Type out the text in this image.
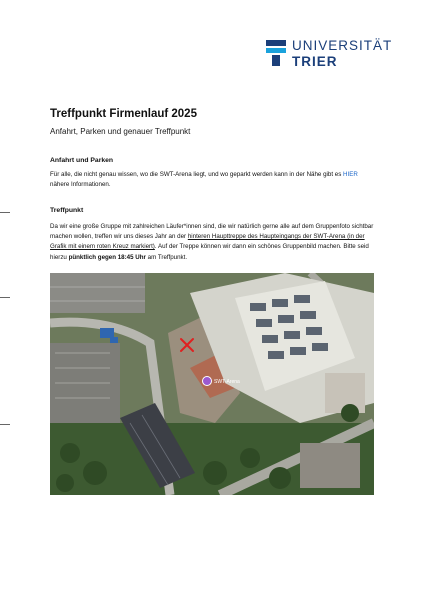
UNIVERSITÄT
TRIER
Treffpunkt Firmenlauf 2025

Anfahrt, Parken und genauer Treffpunkt

Anfahrt und Parken

Für alle, die nicht genau wissen, wo die SWT-Arena liegt, und wo geparkt werden kann in der Nähe gibt es HIER nähere Informationen.

Treffpunkt

Da wir eine große Gruppe mit zahlreichen Läufer*innen sind, die wir natürlich gerne alle auf dem Gruppenfoto sichtbar machen wollen, treffen wir uns dieses Jahr an der hinteren Haupttreppe des Haupteingangs der SWT-Arena (in der Grafik mit einem roten Kreuz markiert). Auf der Treppe können wir dann ein schönes Gruppenbild machen. Bitte seid hierzu pünktlich gegen 18:45 Uhr am Treffpunkt.

SWT-Arena
